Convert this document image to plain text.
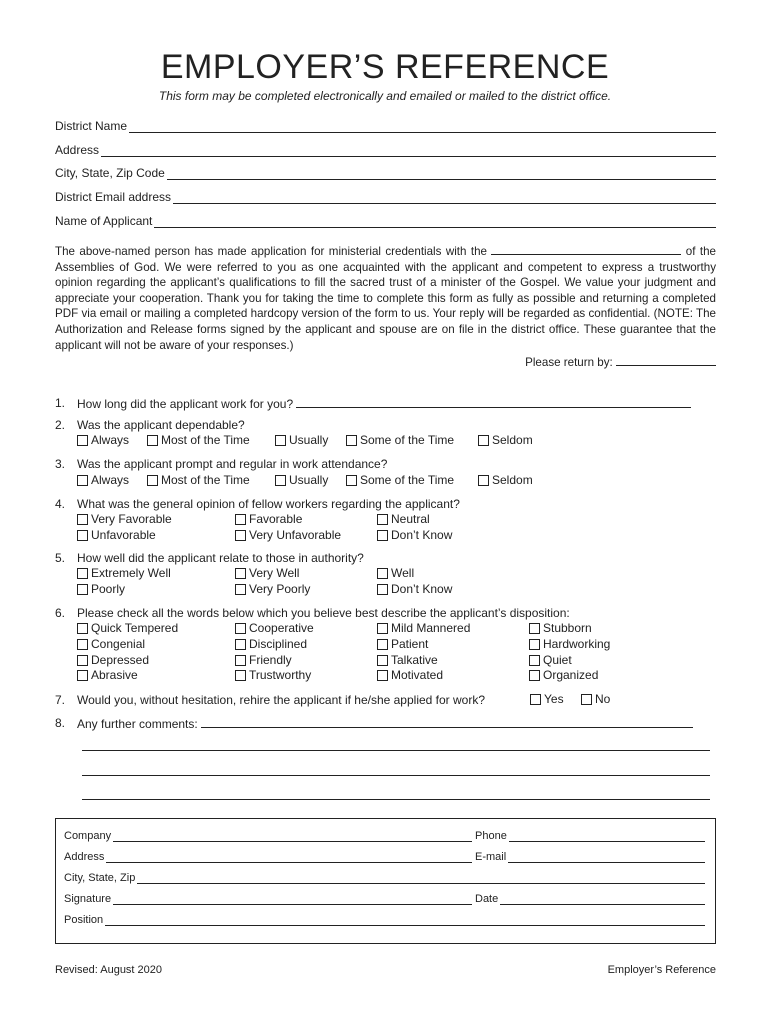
EMPLOYER’S REFERENCE
This form may be completed electronically and emailed or mailed to the district office.
District Name
Address
City, State, Zip Code
District Email address
Name of Applicant
The above-named person has made application for ministerial credentials with the	of the Assemblies of God. We were referred to you as one acquainted with the applicant and competent to express a trustworthy opinion regarding the applicant’s qualifications to fill the sacred trust of a minister of the Gospel. We value your judgment and appreciate your cooperation. Thank you for taking the time to complete this form as fully as possible and returning a completed PDF via email or mailing a completed hardcopy version of the form to us. Your reply will be regarded as confidential. (NOTE: The Authorization and Release forms signed by the applicant and spouse are on file in the district office. These guarantee that the applicant will not be aware of your responses.)
Please return by:
1. How long did the applicant work for you?
2. Was the applicant dependable?
Always	Most of the Time	Usually	Some of the Time	Seldom
3. Was the applicant prompt and regular in work attendance?
Always	Most of the Time	Usually	Some of the Time	Seldom
4. What was the general opinion of fellow workers regarding the applicant?
Very Favorable	Favorable	Neutral
Unfavorable	Very Unfavorable	Don’t Know
5. How well did the applicant relate to those in authority?
Extremely Well	Very Well	Well
Poorly	Very Poorly	Don’t Know
6. Please check all the words below which you believe best describe the applicant’s disposition:
Quick Tempered	Cooperative	Mild Mannered	Stubborn
Congenial	Disciplined	Patient	Hardworking
Depressed	Friendly	Talkative	Quiet
Abrasive	Trustworthy	Motivated	Organized
7. Would you, without hesitation, rehire the applicant if he/she applied for work?	Yes	No
8. Any further comments:
Company	Phone
Address	E-mail
City, State, Zip
Signature	Date
Position
Revised: August 2020	Employer’s Reference
